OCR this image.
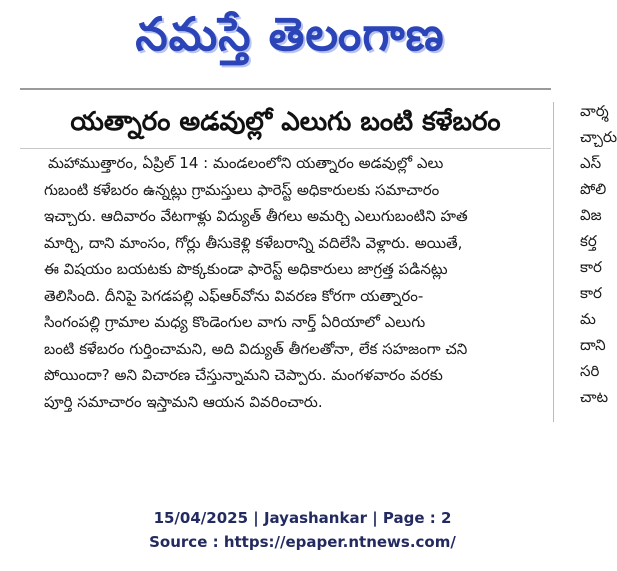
నమస్తే తెలంగాణ
యత్నారం అడవుల్లో ఎలుగు బంటి కళేబరం
మహాముత్తారం, ఏప్రిల్ 14 : మండలంలోని యత్నారం అడవుల్లో ఎలు
గుబంటి కళేబరం ఉన్నట్లు గ్రామస్తులు ఫారెస్ట్ అధికారులకు సమాచారం
ఇచ్చారు. ఆదివారం వేటగాళ్లు విద్యుత్ తీగలు అమర్చి ఎలుగుబంటిని హత
మార్చి, దాని మాంసం, గోర్లు తీసుకెళ్లి కళేబరాన్ని వదిలేసి వెళ్లారు. అయితే,
ఈ విషయం బయటకు పొక్కకుండా ఫారెస్ట్ అధికారులు జాగ్రత్త పడినట్లు
తెలిసింది. దీనిపై పెగడపల్లి ఎఫ్ఆర్‌వోను వివరణ కోరగా యత్నారం-
సింగంపల్లి గ్రామాల మధ్య కొండెంగుల వాగు నార్త్ ఏరియాలో ఎలుగు
బంటి కళేబరం గుర్తించామని, అది విద్యుత్ తీగలతోనా, లేక సహజంగా చని
పోయిందా? అని విచారణ చేస్తున్నామని చెప్పారు. మంగళవారం వరకు
పూర్తి సమాచారం ఇస్తామని ఆయన వివరించారు.
వార్శ
చ్చారు
ఎస్
పోలి
విజ
కర్త
కార
కార
మ
దాని
సరి
చాట
15/04/2025 | Jayashankar | Page : 2
Source : https://epaper.ntnews.com/
